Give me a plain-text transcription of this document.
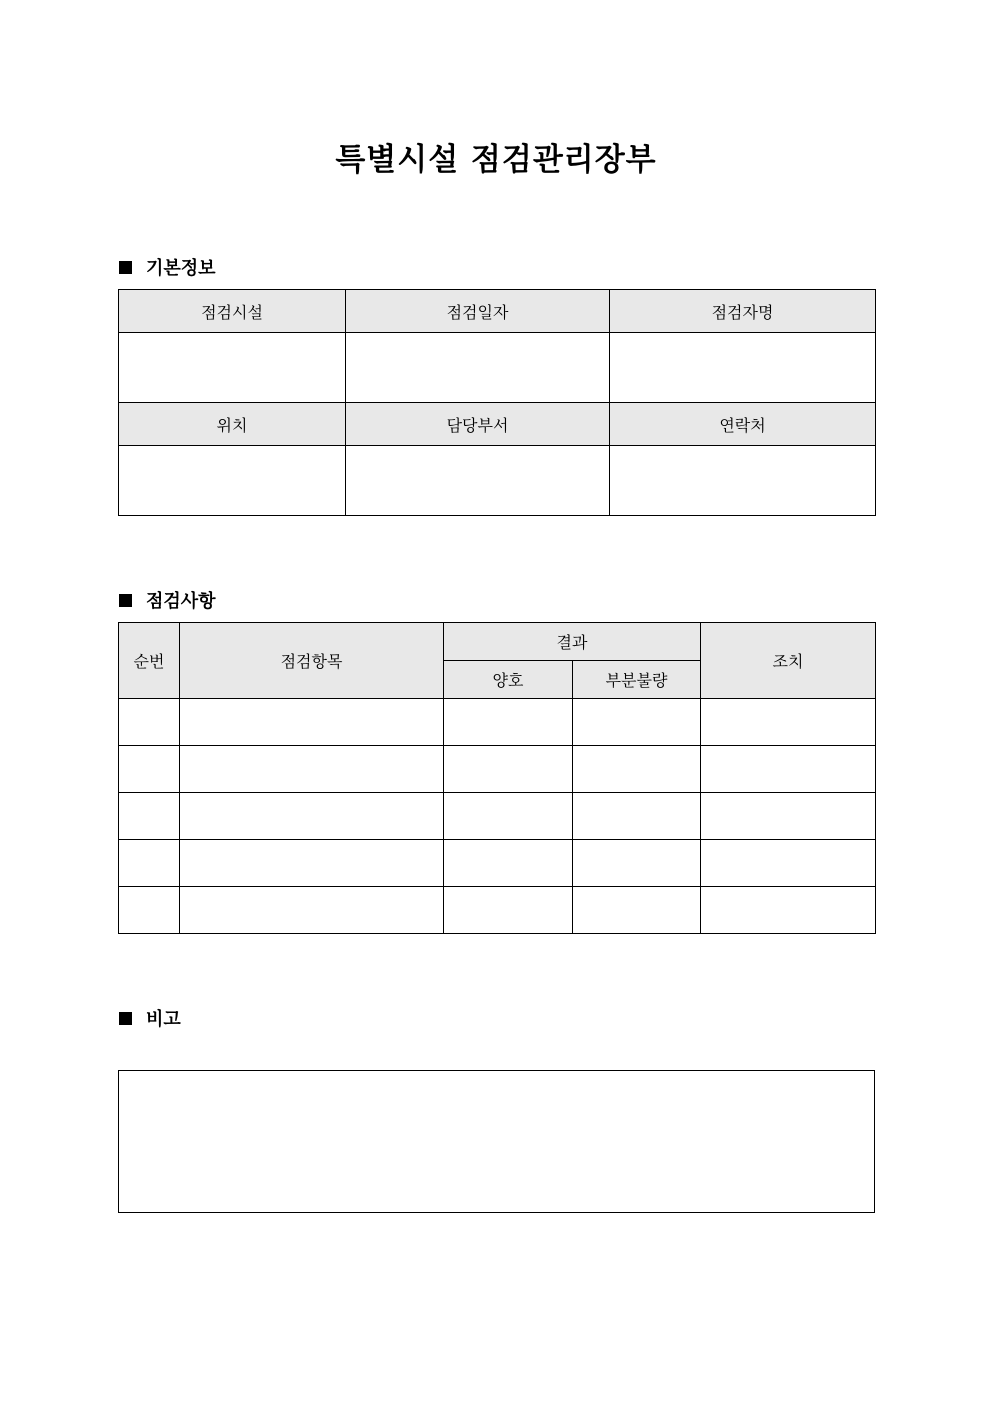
특별시설 점검관리장부
기본정보
점검시설	점검일자	점검자명

위치	담당부서	연락처

점검사항
순번	점검항목	결과		조치
		양호	부분불량	

비고
